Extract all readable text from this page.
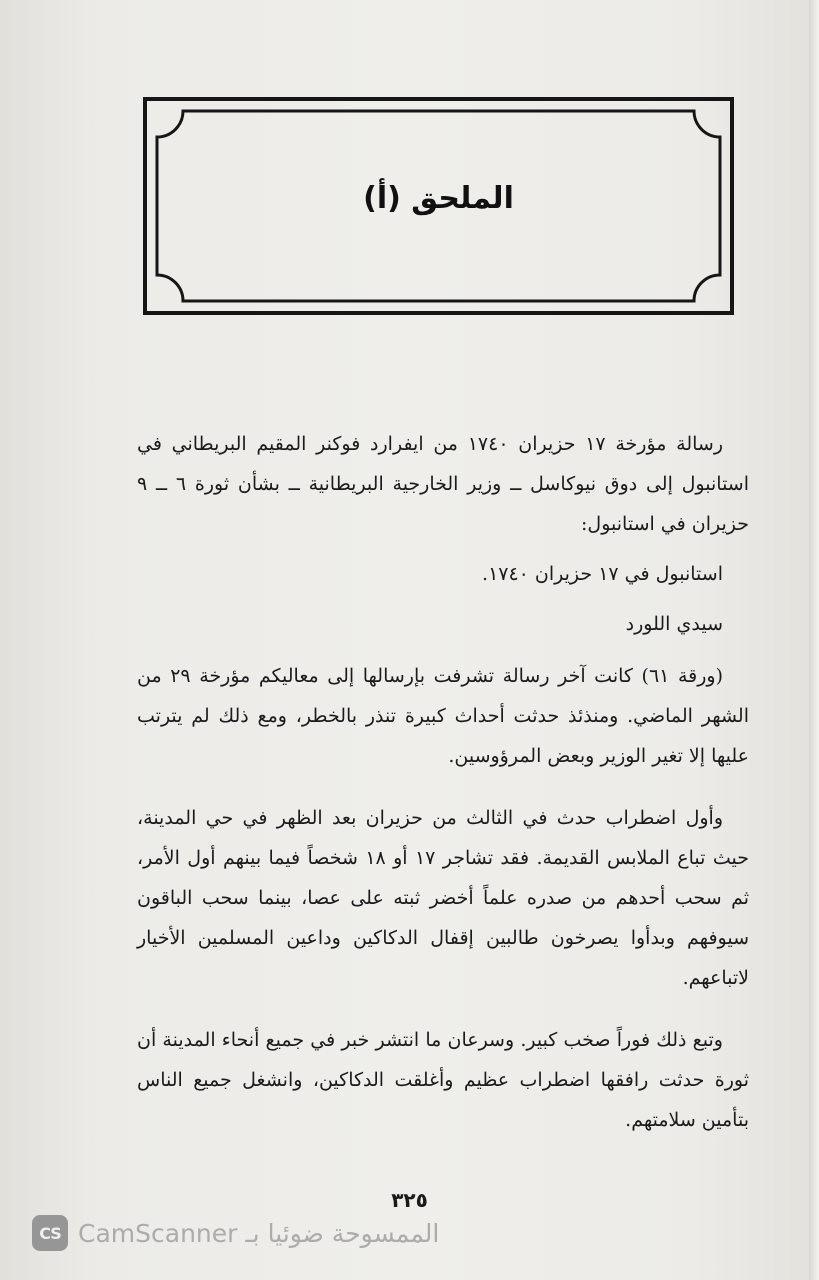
الملحق (أ)

رسالة مؤرخة ١٧ حزيران ١٧٤٠ من ايفرارد فوكنر المقيم البريطاني في استانبول إلى دوق نيوكاسل ــ وزير الخارجية البريطانية ــ بشأن ثورة ٦ ــ ٩ حزيران في استانبول:

استانبول في ١٧ حزيران ١٧٤٠.

سيدي اللورد

(ورقة ٦١) كانت آخر رسالة تشرفت بإرسالها إلى معاليكم مؤرخة ٢٩ من الشهر الماضي. ومنذئذ حدثت أحداث كبيرة تنذر بالخطر، ومع ذلك لم يترتب عليها إلا تغير الوزير وبعض المرؤوسين.

وأول اضطراب حدث في الثالث من حزيران بعد الظهر في حي المدينة، حيث تباع الملابس القديمة. فقد تشاجر ١٧ أو ١٨ شخصاً فيما بينهم أول الأمر، ثم سحب أحدهم من صدره علماً أخضر ثبته على عصا، بينما سحب الباقون سيوفهم وبدأوا يصرخون طالبين إقفال الدكاكين وداعين المسلمين الأخيار لاتباعهم.

وتبع ذلك فوراً صخب كبير. وسرعان ما انتشر خبر في جميع أنحاء المدينة أن ثورة حدثت رافقها اضطراب عظيم وأغلقت الدكاكين، وانشغل جميع الناس بتأمين سلامتهم.

٣٢٥
CS CamScanner الممسوحة ضوئيا بـ
